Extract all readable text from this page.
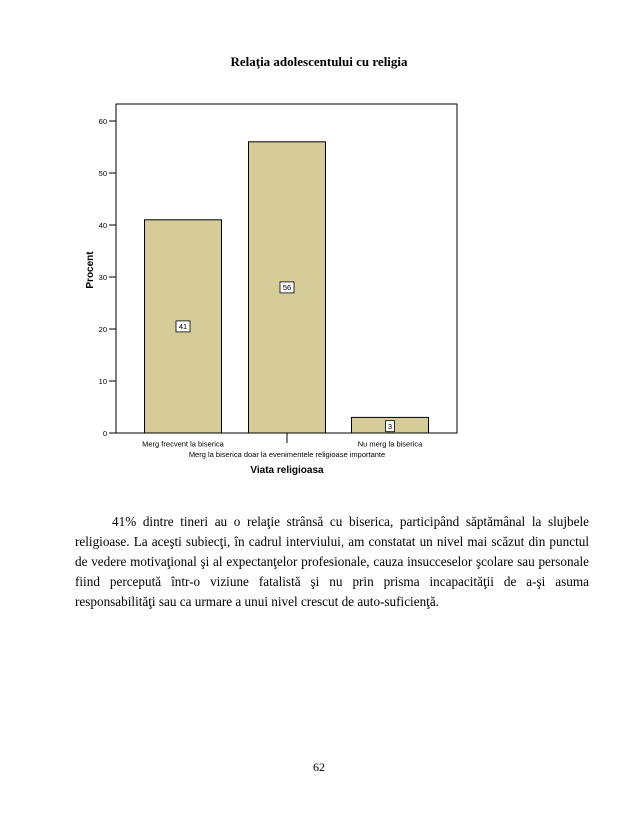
Relaţia adolescentului cu religia
0
10
20
30
40
50
60
41
56
3
Merg frecvent la biserica
Merg la biserica doar la evenimentele religioase importante
Nu merg la biserica
Viata religioasa
Procent

41% dintre tineri au o relaţie strânsă cu biserica, participând săptămânal la slujbele religioase. La aceşti subiecţi, în cadrul interviului, am constatat un nivel mai scăzut din punctul de vedere motivaţional şi al expectanţelor profesionale, cauza insucceselor şcolare sau personale fiind percepută într-o viziune fatalistă şi nu prin prisma incapacităţii de a-şi asuma responsabilităţi sau ca urmare a unui nivel crescut de auto-suficienţă.

62
